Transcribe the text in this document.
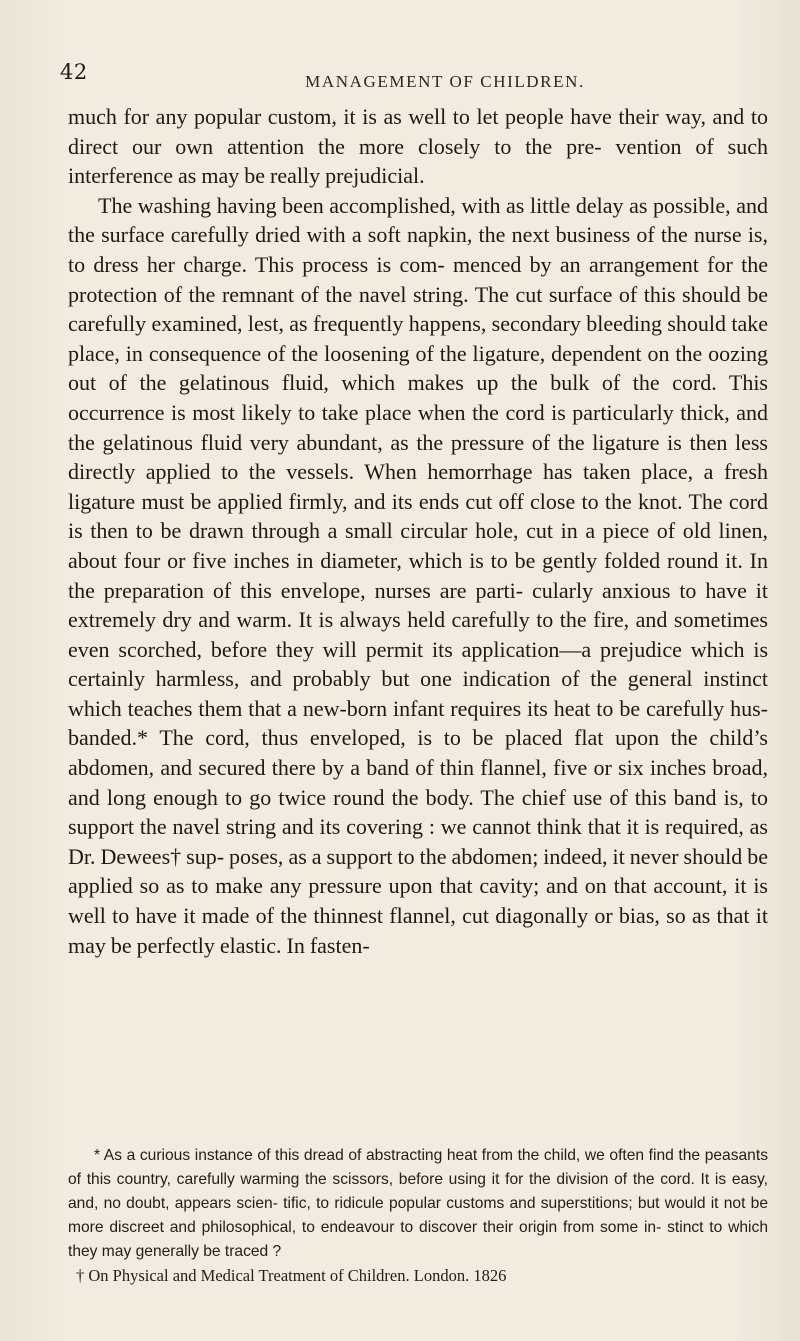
42	MANAGEMENT OF CHILDREN.

much for any popular custom, it is as well to let people have their way, and to direct our own attention the more closely to the pre- vention of such interference as may be really prejudicial.

The washing having been accomplished, with as little delay as possible, and the surface carefully dried with a soft napkin, the next business of the nurse is, to dress her charge. This process is com- menced by an arrangement for the protection of the remnant of the navel string. The cut surface of this should be carefully examined, lest, as frequently happens, secondary bleeding should take place, in consequence of the loosening of the ligature, dependent on the oozing out of the gelatinous fluid, which makes up the bulk of the cord. This occurrence is most likely to take place when the cord is particularly thick, and the gelatinous fluid very abundant, as the pressure of the ligature is then less directly applied to the vessels. When hemorrhage has taken place, a fresh ligature must be applied firmly, and its ends cut off close to the knot. The cord is then to be drawn through a small circular hole, cut in a piece of old linen, about four or five inches in diameter, which is to be gently folded round it. In the preparation of this envelope, nurses are parti- cularly anxious to have it extremely dry and warm. It is always held carefully to the fire, and sometimes even scorched, before they will permit its application—a prejudice which is certainly harmless, and probably but one indication of the general instinct which teaches them that a new-born infant requires its heat to be carefully hus- banded.* The cord, thus enveloped, is to be placed flat upon the child’s abdomen, and secured there by a band of thin flannel, five or six inches broad, and long enough to go twice round the body. The chief use of this band is, to support the navel string and its covering : we cannot think that it is required, as Dr. Dewees† sup- poses, as a support to the abdomen; indeed, it never should be applied so as to make any pressure upon that cavity; and on that account, it is well to have it made of the thinnest flannel, cut diagonally or bias, so as that it may be perfectly elastic. In fasten-

* As a curious instance of this dread of abstracting heat from the child, we often find the peasants of this country, carefully warming the scissors, before using it for the division of the cord. It is easy, and, no doubt, appears scien- tific, to ridicule popular customs and superstitions; but would it not be more discreet and philosophical, to endeavour to discover their origin from some in- stinct to which they may generally be traced ?

† On Physical and Medical Treatment of Children. London. 1826
